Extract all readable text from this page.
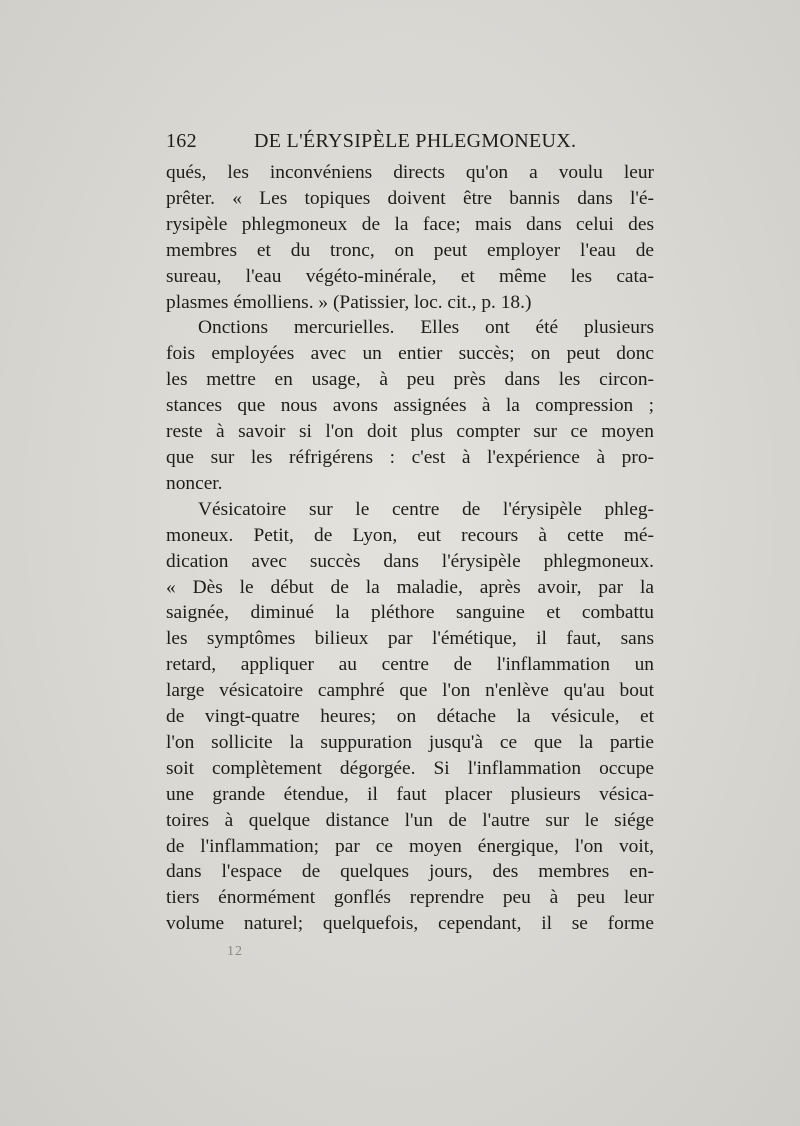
162	DE L'ÉRYSIPÈLE PHLEGMONEUX.
qués, les inconvéniens directs qu'on a voulu leur
prêter. « Les topiques doivent être bannis dans l'é-
rysipèle phlegmoneux de la face; mais dans celui des
membres et du tronc, on peut employer l'eau de
sureau, l'eau végéto-minérale, et même les cata-
plasmes émolliens. » (Patissier, loc. cit., p. 18.)
Onctions mercurielles. Elles ont été plusieurs
fois employées avec un entier succès; on peut donc
les mettre en usage, à peu près dans les circon-
stances que nous avons assignées à la compression ;
reste à savoir si l'on doit plus compter sur ce moyen
que sur les réfrigérens : c'est à l'expérience à pro-
noncer.
Vésicatoire sur le centre de l'érysipèle phleg-
moneux. Petit, de Lyon, eut recours à cette mé-
dication avec succès dans l'érysipèle phlegmoneux.
« Dès le début de la maladie, après avoir, par la
saignée, diminué la pléthore sanguine et combattu
les symptômes bilieux par l'émétique, il faut, sans
retard, appliquer au centre de l'inflammation un
large vésicatoire camphré que l'on n'enlève qu'au bout
de vingt-quatre heures; on détache la vésicule, et
l'on sollicite la suppuration jusqu'à ce que la partie
soit complètement dégorgée. Si l'inflammation occupe
une grande étendue, il faut placer plusieurs vésica-
toires à quelque distance l'un de l'autre sur le siége
de l'inflammation; par ce moyen énergique, l'on voit,
dans l'espace de quelques jours, des membres en-
tiers énormément gonflés reprendre peu à peu leur
volume naturel; quelquefois, cependant, il se forme
12
